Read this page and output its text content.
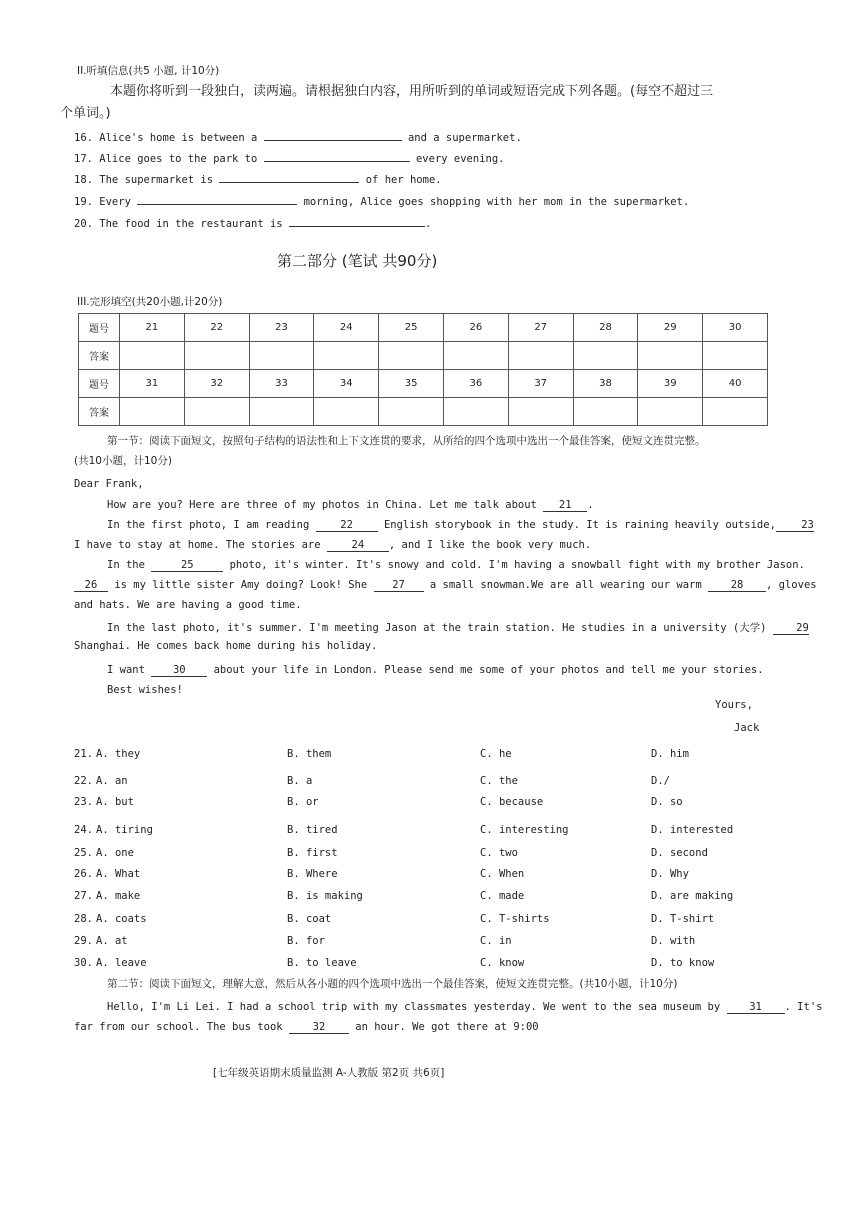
II.听填信息(共5 小题, 计10分)
本题你将听到一段独白，读两遍。请根据独白内容，用所听到的单词或短语完成下列各题。(每空不超过三
个单词。)
16. Alice's home is between a	and a supermarket.
17. Alice goes to the park to	every evening.
18. The supermarket is	of her home.
19. Every	morning, Alice goes shopping with her mom in the supermarket.
20. The food in the restaurant is	.
第二部分 (笔试 共90分)
III.完形填空(共20小题,计20分)
题号	21	22	23	24	25	26	27	28	29	30
答案										
题号	31	32	33	34	35	36	37	38	39	40
答案										
第一节：阅读下面短文，按照句子结构的语法性和上下文连贯的要求，从所给的四个选项中选出一个最佳答案，使短文连贯完整。
(共10小题，计10分)
Dear Frank,
How are you? Here are three of my photos in China. Let me talk about 21 .
In the first photo, I am reading	22	English storybook in the study. It is raining heavily outside, 23
I have to stay at home. The stories are	24 , and I like the book very much.
In the	25	photo, it's winter. It's snowy and cold. I'm having a snowball fight with my brother Jason.
26 is my little sister Amy doing? Look! She 27 a small snowman.We are all wearing our warm	28 , gloves
and hats. We are having a good time.
In the last photo, it's summer. I'm meeting Jason at the train station. He studies in a university (大学)	29
Shanghai. He comes back home during his holiday.
I want	30	about your life in London. Please send me some of your photos and tell me your stories.
Best wishes!
Yours,
Jack
21. A. they	B. them	C. he	D. him
22. A. an	B. a	C. the	D./
23. A. but	B. or	C. because	D. so
24. A. tiring	B. tired	C. interesting	D. interested
25. A. one	B. first	C. two	D. second
26. A. What	B. Where	C. When	D. Why
27. A. make	B. is making	C. made	D. are making
28. A. coats	B. coat	C. T-shirts	D. T-shirt
29. A. at	B. for	C. in	D. with
30. A. leave	B. to leave	C. know	D. to know
第二节：阅读下面短文，理解大意，然后从各小题的四个选项中选出一个最佳答案，使短文连贯完整。(共10小题，计10分)
Hello, I'm Li Lei. I had a school trip with my classmates yesterday. We went to the sea museum by	31 . It's
far from our school. The bus took	32	an hour. We got there at 9:00
[七年级英语期末质量监测 A-人教版 第2页 共6页]
